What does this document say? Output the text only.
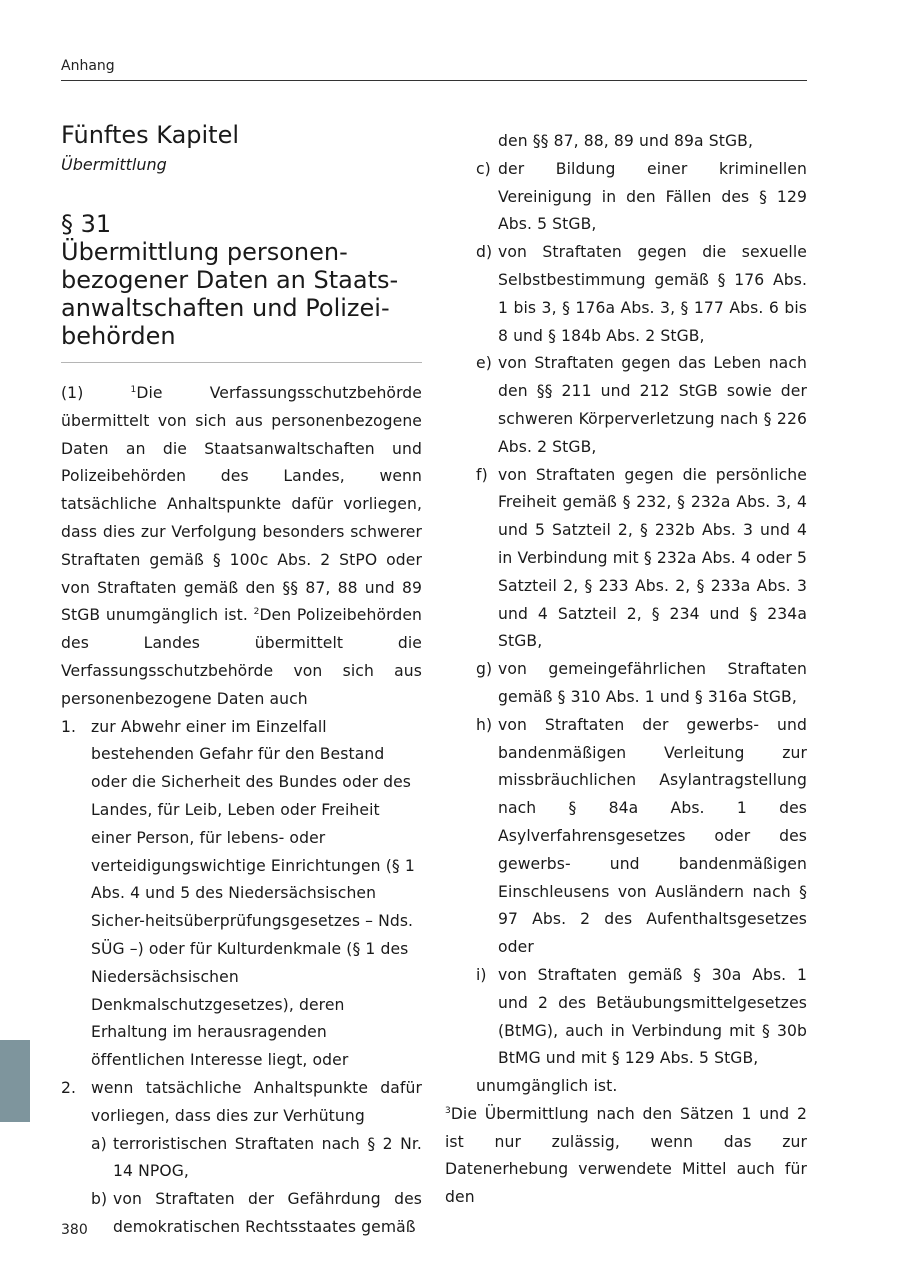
Anhang
Fünftes Kapitel
Übermittlung
§ 31
Übermittlung personen-
bezogener Daten an Staats-
anwaltschaften und Polizei-
behörden

(1)	$^1$Die Verfassungsschutzbehörde übermittelt von sich aus personenbezogene Daten an die Staatsanwaltschaften und Polizeibehörden des Landes, wenn tatsächliche Anhaltspunkte dafür vorliegen, dass dies zur Verfolgung besonders schwerer Straftaten gemäß § 100c Abs. 2 StPO oder von Straftaten gemäß den §§ 87, 88 und 89 StGB unumgänglich ist. $^2$Den Polizeibehörden des Landes übermittelt die Verfassungsschutzbehörde von sich aus personenbezogene Daten auch

1. zur Abwehr einer im Einzelfall bestehenden Gefahr für den Bestand oder die Sicherheit des Bundes oder des Landes, für Leib, Leben oder Freiheit einer Person, für lebens- oder verteidigungswichtige Einrichtungen (§ 1 Abs. 4 und 5 des Niedersächsischen Sicher-heitsüberprüfungsgesetzes – Nds. SÜG –) oder für Kulturdenkmale (§ 1 des Niedersächsischen Denkmalschutzgesetzes), deren Erhaltung im herausragenden öffentlichen Interesse liegt, oder
2. wenn tatsächliche Anhaltspunkte dafür vorliegen, dass dies zur Verhütung
a) terroristischen Straftaten nach § 2 Nr. 14 NPOG,
b) von Straftaten der Gefährdung des demokratischen Rechtsstaates gemäß
den §§ 87, 88, 89 und 89a StGB,
c) der Bildung einer kriminellen Vereinigung in den Fällen des § 129 Abs. 5 StGB,
d) von Straftaten gegen die sexuelle Selbstbestimmung gemäß § 176 Abs. 1 bis 3, § 176a Abs. 3, § 177 Abs. 6 bis 8 und § 184b Abs. 2 StGB,
e) von Straftaten gegen das Leben nach den §§ 211 und 212 StGB sowie der schweren Körperverletzung nach § 226 Abs. 2 StGB,
f) von Straftaten gegen die persönliche Freiheit gemäß § 232, § 232a Abs. 3, 4 und 5 Satzteil 2, § 232b Abs. 3 und 4 in Verbindung mit § 232a Abs. 4 oder 5 Satzteil 2, § 233 Abs. 2, § 233a Abs. 3 und 4 Satzteil 2, § 234 und § 234a StGB,
g) von gemeingefährlichen Straftaten gemäß § 310 Abs. 1 und § 316a StGB,
h) von Straftaten der gewerbs- und bandenmäßigen Verleitung zur missbräuchlichen Asylantragstellung nach § 84a Abs. 1 des Asylverfahrensgesetzes oder des gewerbs- und bandenmäßigen Einschleusens von Ausländern nach § 97 Abs. 2 des Aufenthaltsgesetzes oder
i) von Straftaten gemäß § 30a Abs. 1 und 2 des Betäubungsmittelgesetzes (BtMG), auch in Verbindung mit § 30b BtMG und mit § 129 Abs. 5 StGB,
unumgänglich ist.

$^3$Die Übermittlung nach den Sätzen 1 und 2 ist nur zulässig, wenn das zur Datenerhebung verwendete Mittel auch für den

380
